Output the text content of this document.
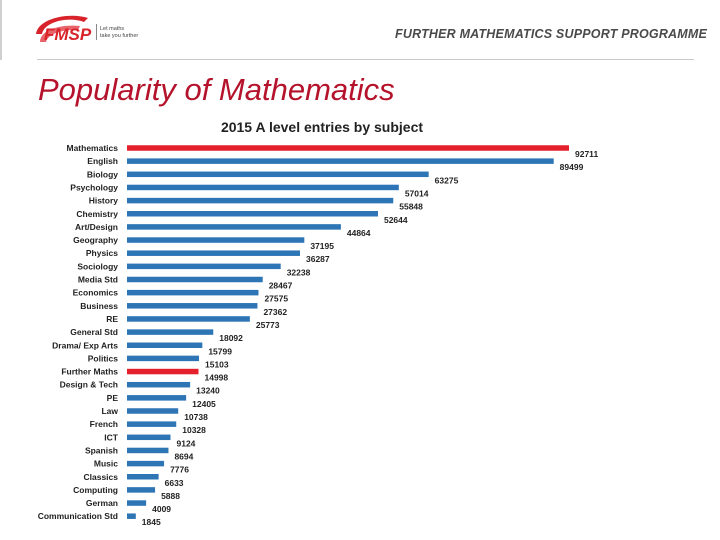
FMSP Let maths
take you further	FURTHER MATHEMATICS SUPPORT PROGRAMME
Popularity of Mathematics
2015 A level entries by subject
Mathematics
92711
English
89499
Biology
63275
Psychology
57014
History
55848
Chemistry
52644
Art/Design
44864
Geography
37195
Physics
36287
Sociology
32238
Media Std
28467
Economics
27575
Business
27362
RE
25773
General Std
18092
Drama/ Exp Arts
15799
Politics
15103
Further Maths
14998
Design & Tech
13240
PE
12405
Law
10738
French
10328
ICT
9124
Spanish
8694
Music
7776
Classics
6633
Computing
5888
German
4009
Communication Std
1845
